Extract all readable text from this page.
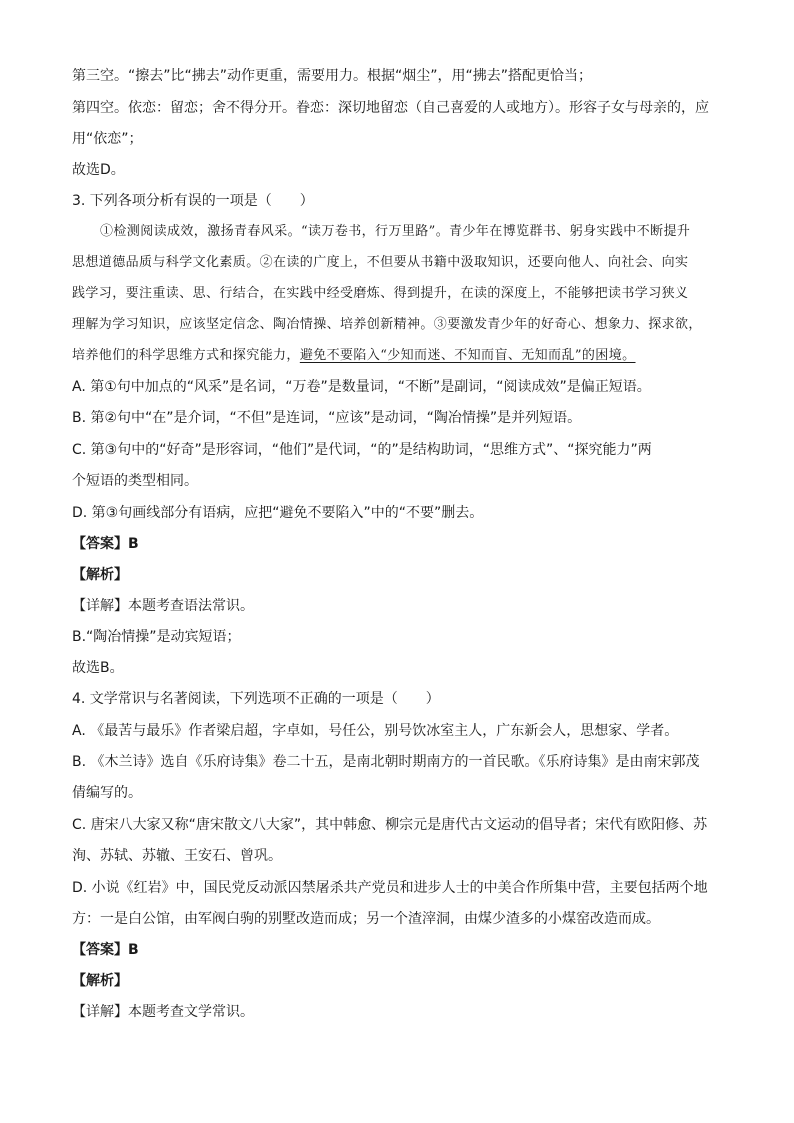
第三空。“擦去”比“拂去”动作更重，需要用力。根据“烟尘”，用“拂去”搭配更恰当；
第四空。依恋：留恋；舍不得分开。眷恋：深切地留恋（自己喜爱的人或地方）。形容子女与母亲的，应
用“依恋”；
故选D。
3. 下列各项分析有误的一项是（　　）
①检测阅读成效，激扬青春风采。“读万卷书，行万里路”。青少年在博览群书、躬身实践中不断提升
思想道德品质与科学文化素质。②在读的广度上，不但要从书籍中汲取知识，还要向他人、向社会、向实
践学习，要注重读、思、行结合，在实践中经受磨炼、得到提升，在读的深度上，不能够把读书学习狭义
理解为学习知识，应该坚定信念、陶冶情操、培养创新精神。③要激发青少年的好奇心、想象力、探求欲，
培养他们的科学思维方式和探究能力，避免不要陷入“少知而迷、不知而盲、无知而乱”的困境。
A. 第①句中加点的“风采”是名词，“万卷”是数量词，“不断”是副词，“阅读成效”是偏正短语。
B. 第②句中“在”是介词，“不但”是连词，“应该”是动词，“陶冶情操”是并列短语。
C. 第③句中的“好奇”是形容词，“他们”是代词，“的”是结构助词，“思维方式”、“探究能力”两
个短语的类型相同。
D. 第③句画线部分有语病，应把“避免不要陷入”中的“不要”删去。
【答案】B
【解析】
【详解】本题考查语法常识。
B.“陶冶情操”是动宾短语；
故选B。
4. 文学常识与名著阅读，下列选项不正确的一项是（　　）
A. 《最苦与最乐》作者梁启超，字卓如，号任公，别号饮冰室主人，广东新会人，思想家、学者。
B. 《木兰诗》选自《乐府诗集》卷二十五，是南北朝时期南方的一首民歌。《乐府诗集》是由南宋郭茂
倩编写的。
C. 唐宋八大家又称“唐宋散文八大家”，其中韩愈、柳宗元是唐代古文运动的倡导者；宋代有欧阳修、苏
洵、苏轼、苏辙、王安石、曾巩。
D. 小说《红岩》中，国民党反动派囚禁屠杀共产党员和进步人士的中美合作所集中营，主要包括两个地
方：一是白公馆，由军阀白驹的别墅改造而成；另一个渣滓洞，由煤少渣多的小煤窑改造而成。
【答案】B
【解析】
【详解】本题考查文学常识。
